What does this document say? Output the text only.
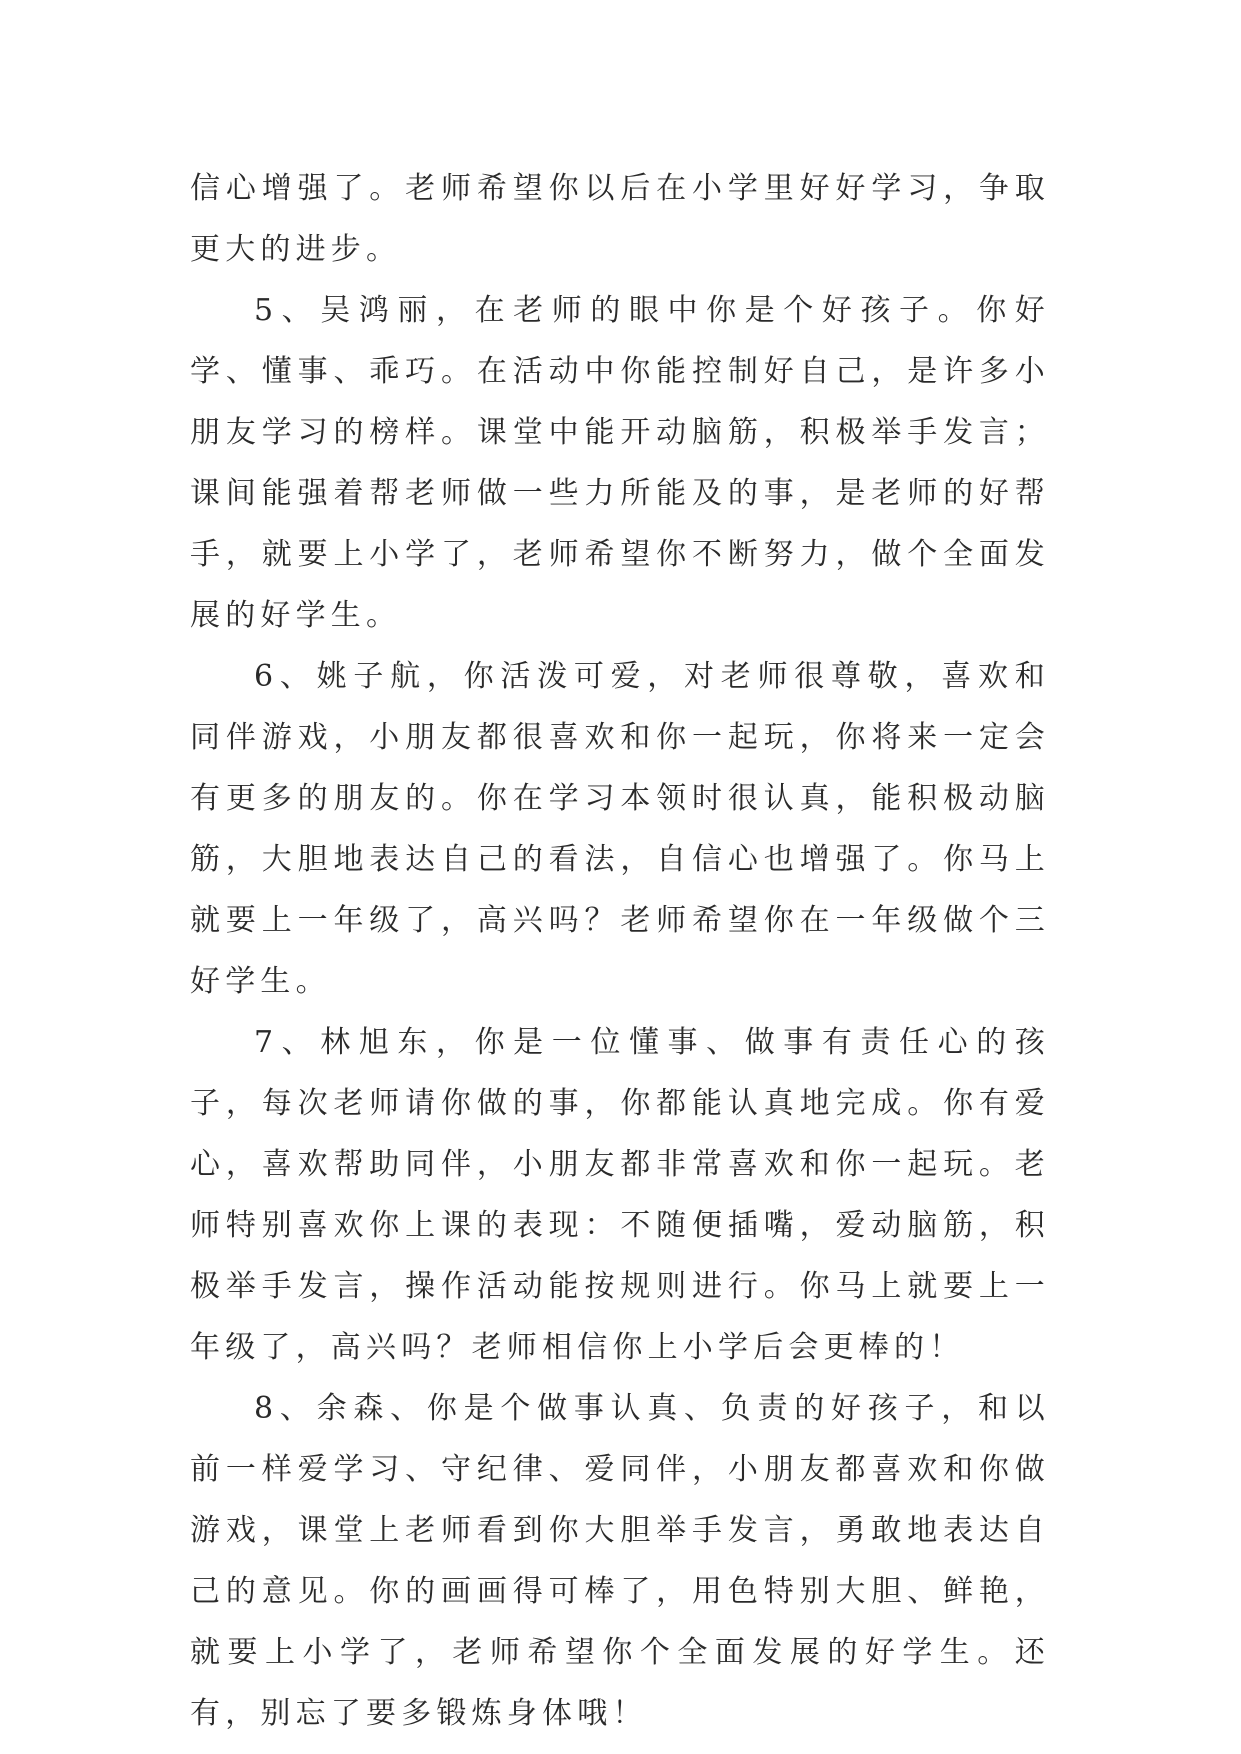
信心增强了。老师希望你以后在小学里好好学习，争取更大的进步。

5、吴鸿丽，在老师的眼中你是个好孩子。你好学、懂事、乖巧。在活动中你能控制好自己，是许多小朋友学习的榜样。课堂中能开动脑筋，积极举手发言；课间能强着帮老师做一些力所能及的事，是老师的好帮手，就要上小学了，老师希望你不断努力，做个全面发展的好学生。

6、姚子航，你活泼可爱，对老师很尊敬，喜欢和同伴游戏，小朋友都很喜欢和你一起玩，你将来一定会有更多的朋友的。你在学习本领时很认真，能积极动脑筋，大胆地表达自己的看法，自信心也增强了。你马上就要上一年级了，高兴吗？老师希望你在一年级做个三好学生。

7、林旭东，你是一位懂事、做事有责任心的孩子，每次老师请你做的事，你都能认真地完成。你有爱心，喜欢帮助同伴，小朋友都非常喜欢和你一起玩。老师特别喜欢你上课的表现：不随便插嘴，爱动脑筋，积极举手发言，操作活动能按规则进行。你马上就要上一年级了，高兴吗？老师相信你上小学后会更棒的！

8、余森、你是个做事认真、负责的好孩子，和以前一样爱学习、守纪律、爱同伴，小朋友都喜欢和你做游戏，课堂上老师看到你大胆举手发言，勇敢地表达自己的意见。你的画画得可棒了，用色特别大胆、鲜艳，就要上小学了，老师希望你个全面发展的好学生。还有，别忘了要多锻炼身体哦！
